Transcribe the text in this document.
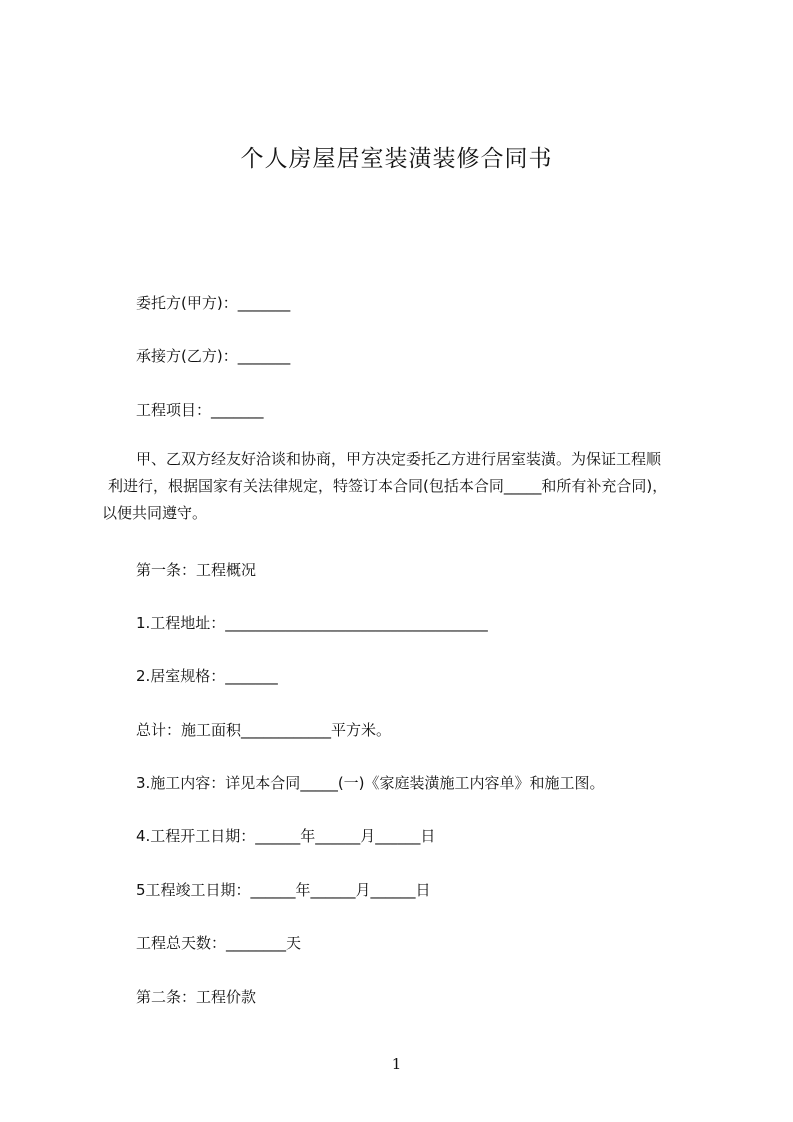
个人房屋居室装潢装修合同书
委托方(甲方)：_______
承接方(乙方)：_______
工程项目：_______
甲、乙双方经友好洽谈和协商，甲方决定委托乙方进行居室装潢。为保证工程顺
利进行，根据国家有关法律规定，特签订本合同(包括本合同_____和所有补充合同)，
以便共同遵守。
第一条：工程概况
1.工程地址：___________________________________
2.居室规格：_______
总计：施工面积____________平方米。
3.施工内容：详见本合同_____(一)《家庭装潢施工内容单》和施工图。
4.工程开工日期：______年______月______日
5工程竣工日期：______年______月______日
工程总天数：________天
第二条：工程价款
1
